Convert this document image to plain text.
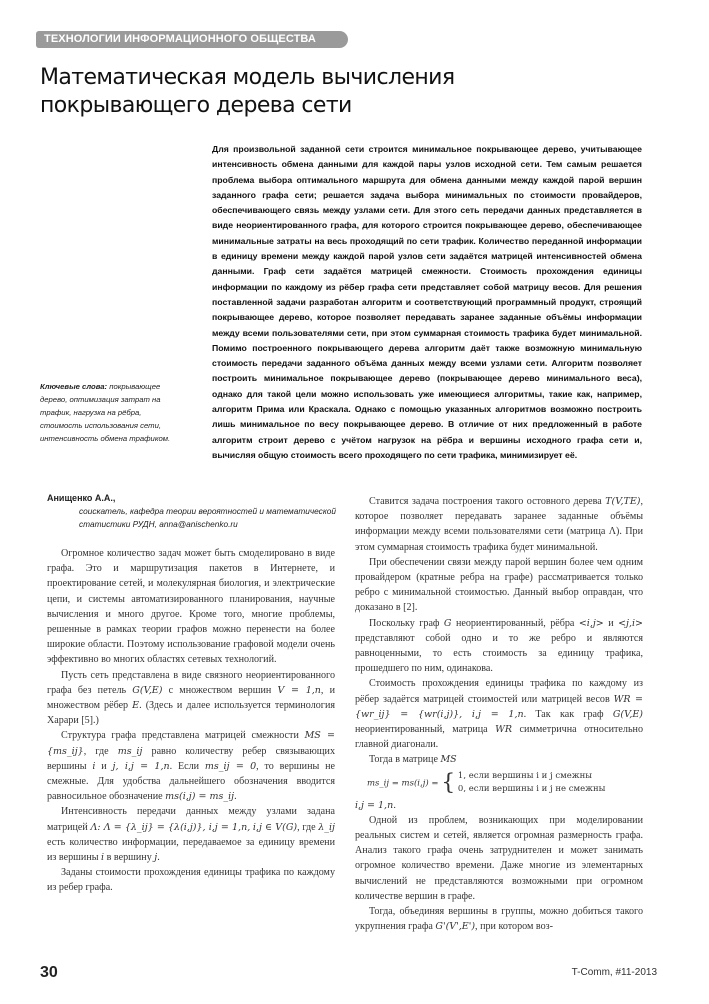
ТЕХНОЛОГИИ ИНФОРМАЦИОННОГО ОБЩЕСТВА
Математическая модель вычисления
покрывающего дерева сети
Для произвольной заданной сети строится минимальное покрывающее дерево, учитывающее интенсивность обмена данными для каждой пары узлов исходной сети. Тем самым решается проблема выбора оптимального маршрута для обмена данными между каждой парой вершин заданного графа сети; решается задача выбора минимальных по стоимости провайдеров, обеспечивающего связь между узлами сети. Для этого сеть передачи данных представляется в виде неориентированного графа, для которого строится покрывающее дерево, обеспечивающее минимальные затраты на весь проходящий по сети трафик. Количество переданной информации в единицу времени между каждой парой узлов сети задаётся матрицей интенсивностей обмена данными. Граф сети задаётся матрицей смежности. Стоимость прохождения единицы информации по каждому из рёбер графа сети представляет собой матрицу весов. Для решения поставленной задачи разработан алгоритм и соответствующий программный продукт, строящий покрывающее дерево, которое позволяет передавать заранее заданные объёмы информации между всеми пользователями сети, при этом суммарная стоимость трафика будет минимальной. Помимо построенного покрывающего дерева алгоритм даёт также возможную минимальную стоимость передачи заданного объёма данных между всеми узлами сети. Алгоритм позволяет построить минимальное покрывающее дерево (покрывающее дерево минимального веса), однако для такой цели можно использовать уже имеющиеся алгоритмы, такие как, например, алгоритм Прима или Краскала. Однако с помощью указанных алгоритмов возможно построить лишь минимальное по весу покрывающее дерево. В отличие от них предложенный в работе алгоритм строит дерево с учётом нагрузок на рёбра и вершины исходного графа сети и, вычисляя общую стоимость всего проходящего по сети трафика, минимизирует её.
Ключевые слова: покрывающее дерево, оптимизация затрат на трафик, нагрузка на рёбра, стоимость использования сети, интенсивность обмена трафиком.
Анищенко А.А.,
соискатель, кафедра теории вероятностей и математической статистики РУДН, anna@anischenko.ru

Огромное количество задач может быть смоделировано в виде графа. Это и маршрутизация пакетов в Интернете, и проектирование сетей, и молекулярная биология, и электрические цепи, и системы автоматизированного планирования, научные вычисления и много другое. Кроме того, многие проблемы, решенные в рамках теории графов можно перенести на более широкие области. Поэтому использование графовой модели очень эффективно во многих областях сетевых технологий.

Пусть сеть представлена в виде связного неориентированного графа без петель G(V,E) с множеством вершин V = 1,n, и множеством рёбер E. (Здесь и далее используется терминология Харари [5].)

Структура графа представлена матрицей смежности MS = {ms_ij}, где ms_ij равно количеству ребер связывающих вершины i и j, i,j = 1,n. Если ms_ij = 0, то вершины не смежные. Для удобства дальнейшего обозначения вводится равносильное обозначение ms(i,j) = ms_ij.

Интенсивность передачи данных между узлами задана матрицей Λ: Λ = {λ_ij} = {λ(i,j)}, i,j = 1,n, i,j ∈ V(G), где λ_ij есть количество информации, передаваемое за единицу времени из вершины i в вершину j.

Заданы стоимости прохождения единицы трафика по каждому из ребер графа.

Ставится задача построения такого остовного дерева T(V,TE), которое позволяет передавать заранее заданные объёмы информации между всеми пользователями сети (матрица Λ). При этом суммарная стоимость трафика будет минимальной.

При обеспечении связи между парой вершин более чем одним провайдером (кратные ребра на графе) рассматривается только ребро с минимальной стоимостью. Данный выбор оправдан, что доказано в [2].

Поскольку граф G неориентированный, рёбра <i,j> и <j,i> представляют собой одно и то же ребро и являются равноценными, то есть стоимость за единицу трафика, прошедшего по ним, одинакова.

Стоимость прохождения единицы трафика по каждому из рёбер задаётся матрицей стоимостей или матрицей весов WR = {wr_ij} = {wr(i,j)}, i,j = 1,n. Так как граф G(V,E) неориентированный, матрица WR симметрична относительно главной диагонали.

Тогда в матрице MS

ms_ij = ms(i,j) = { 1, если вершины i и j смежны
0, если вершины i и j не смежны

i,j = 1,n.

Одной из проблем, возникающих при моделировании реальных систем и сетей, является огромная размерность графа. Анализ такого графа очень затруднителен и может занимать огромное количество времени. Даже многие из элементарных вычислений не представляются возможными при огромном количестве вершин в графе.

Тогда, объединяя вершины в группы, можно добиться такого укрупнения графа G'(V',E'), при котором воз-

30	T-Comm, #11-2013
